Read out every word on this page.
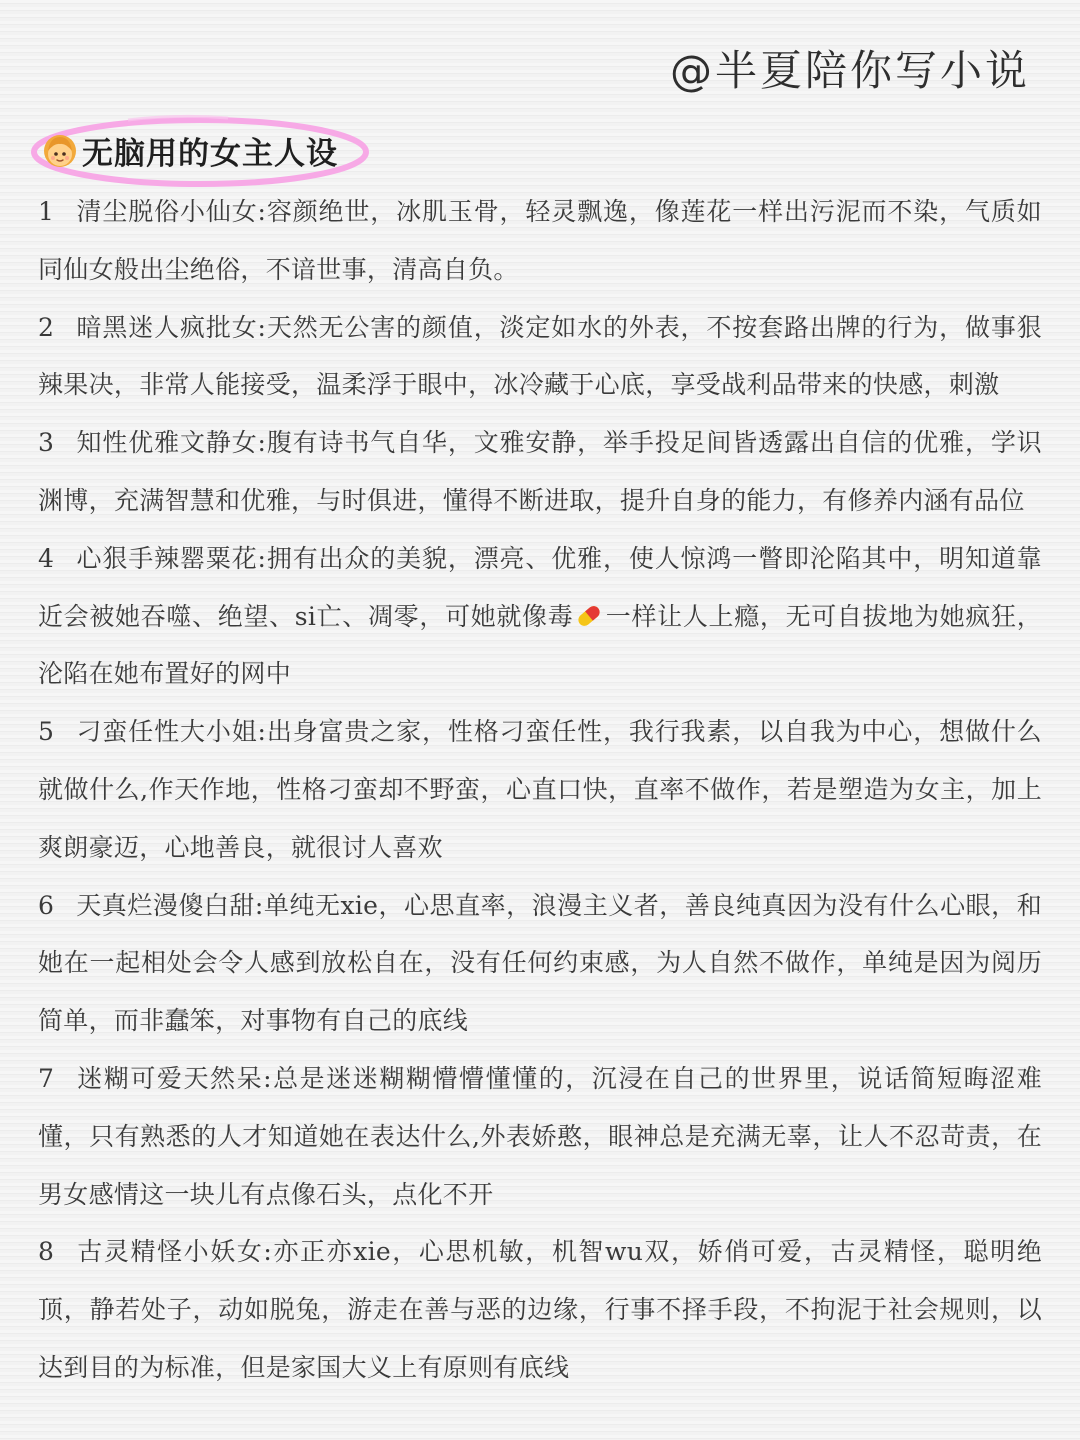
@半夏陪你写小说
无脑用的女主人设
1 清尘脱俗小仙女:容颜绝世，冰肌玉骨，轻灵飘逸，像莲花一样出污泥而不染，气质如同仙女般出尘绝俗，不谙世事，清高自负。
2 暗黑迷人疯批女:天然无公害的颜值，淡定如水的外表，不按套路出牌的行为，做事狠辣果决，非常人能接受，温柔浮于眼中，冰冷藏于心底，享受战利品带来的快感，刺激
3 知性优雅文静女:腹有诗书气自华，文雅安静，举手投足间皆透露出自信的优雅，学识渊博，充满智慧和优雅，与时俱进，懂得不断进取，提升自身的能力，有修养内涵有品位
4 心狠手辣罂粟花:拥有出众的美貌，漂亮、优雅，使人惊鸿一瞥即沦陷其中，明知道靠近会被她吞噬、绝望、si亡、凋零，可她就像毒 一样让人上瘾，无可自拔地为她疯狂，沦陷在她布置好的网中
5 刁蛮任性大小姐:出身富贵之家，性格刁蛮任性，我行我素，以自我为中心，想做什么就做什么,作天作地，性格刁蛮却不野蛮，心直口快，直率不做作，若是塑造为女主，加上爽朗豪迈，心地善良，就很讨人喜欢
6 天真烂漫傻白甜:单纯无xie，心思直率，浪漫主义者，善良纯真因为没有什么心眼，和她在一起相处会令人感到放松自在，没有任何约束感，为人自然不做作，单纯是因为阅历简单，而非蠢笨，对事物有自己的底线
7 迷糊可爱天然呆:总是迷迷糊糊懵懵懂懂的，沉浸在自己的世界里，说话简短晦涩难懂，只有熟悉的人才知道她在表达什么,外表娇憨，眼神总是充满无辜，让人不忍苛责，在男女感情这一块儿有点像石头，点化不开
8 古灵精怪小妖女:亦正亦xie，心思机敏，机智wu双，娇俏可爱，古灵精怪，聪明绝顶，静若处子，动如脱兔，游走在善与恶的边缘，行事不择手段，不拘泥于社会规则，以达到目的为标准，但是家国大义上有原则有底线
